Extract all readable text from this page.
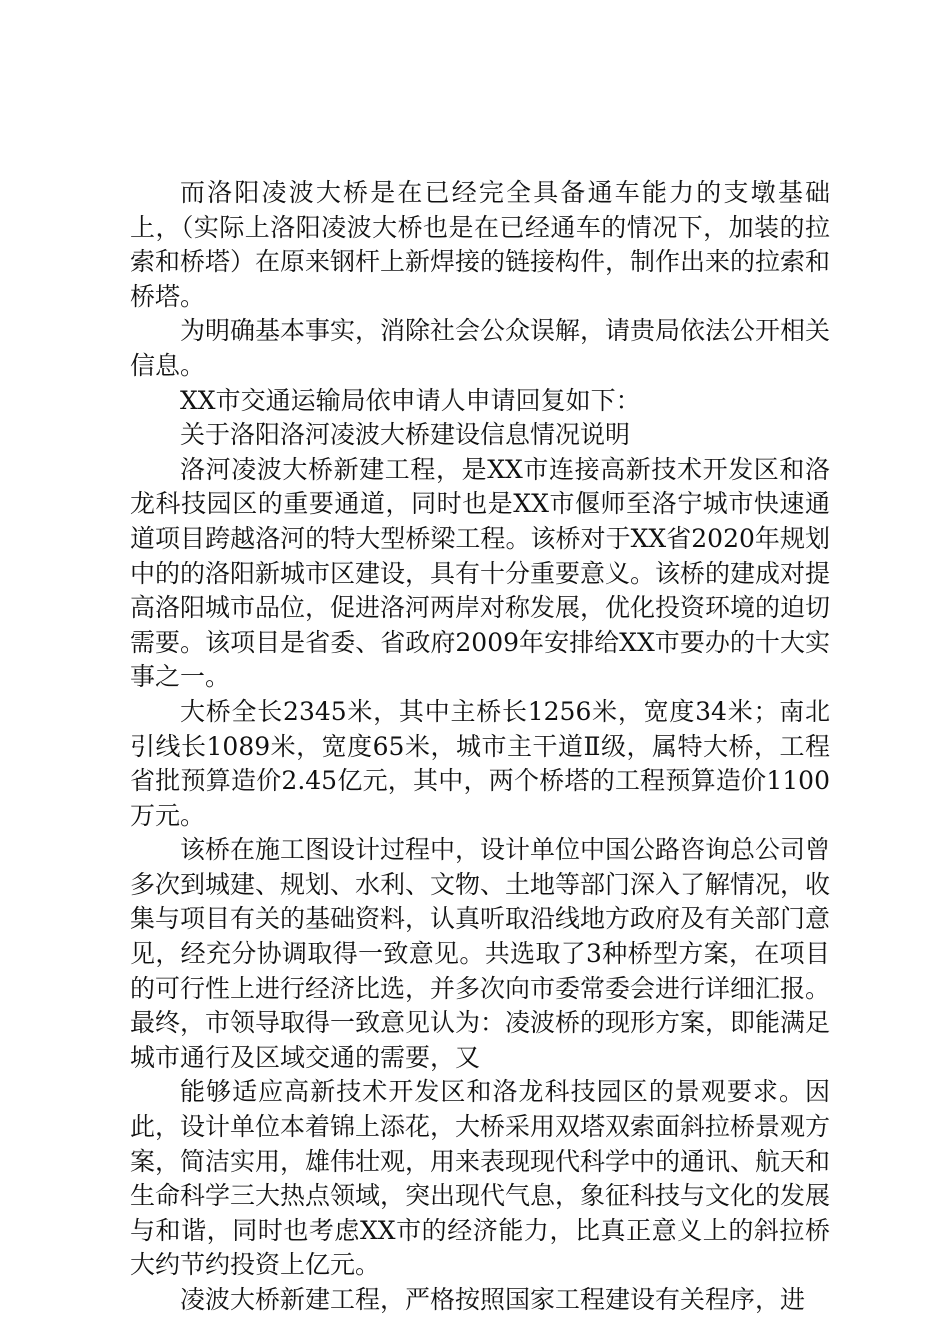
而洛阳凌波大桥是在已经完全具备通车能力的支墩基础上，（实际上洛阳凌波大桥也是在已经通车的情况下，加装的拉索和桥塔）在原来钢杆上新焊接的链接构件，制作出来的拉索和桥塔。

为明确基本事实，消除社会公众误解，请贵局依法公开相关信息。

XX市交通运输局依申请人申请回复如下：

关于洛阳洛河凌波大桥建设信息情况说明

洛河凌波大桥新建工程，是XX市连接高新技术开发区和洛龙科技园区的重要通道，同时也是XX市偃师至洛宁城市快速通道项目跨越洛河的特大型桥梁工程。该桥对于XX省2020年规划中的的洛阳新城市区建设，具有十分重要意义。该桥的建成对提高洛阳城市品位，促进洛河两岸对称发展，优化投资环境的迫切需要。该项目是省委、省政府2009年安排给XX市要办的十大实事之一。

大桥全长2345米，其中主桥长1256米，宽度34米；南北引线长1089米，宽度65米，城市主干道Ⅱ级，属特大桥，工程省批预算造价2.45亿元，其中，两个桥塔的工程预算造价1100万元。

该桥在施工图设计过程中，设计单位中国公路咨询总公司曾多次到城建、规划、水利、文物、土地等部门深入了解情况，收集与项目有关的基础资料，认真听取沿线地方政府及有关部门意见，经充分协调取得一致意见。共选取了3种桥型方案，在项目的可行性上进行经济比选，并多次向市委常委会进行详细汇报。最终，市领导取得一致意见认为：凌波桥的现形方案，即能满足城市通行及区域交通的需要，又

能够适应高新技术开发区和洛龙科技园区的景观要求。因此，设计单位本着锦上添花，大桥采用双塔双索面斜拉桥景观方案，简洁实用，雄伟壮观，用来表现现代科学中的通讯、航天和生命科学三大热点领域，突出现代气息，象征科技与文化的发展与和谐，同时也考虑XX市的经济能力，比真正意义上的斜拉桥大约节约投资上亿元。

凌波大桥新建工程，严格按照国家工程建设有关程序，进
